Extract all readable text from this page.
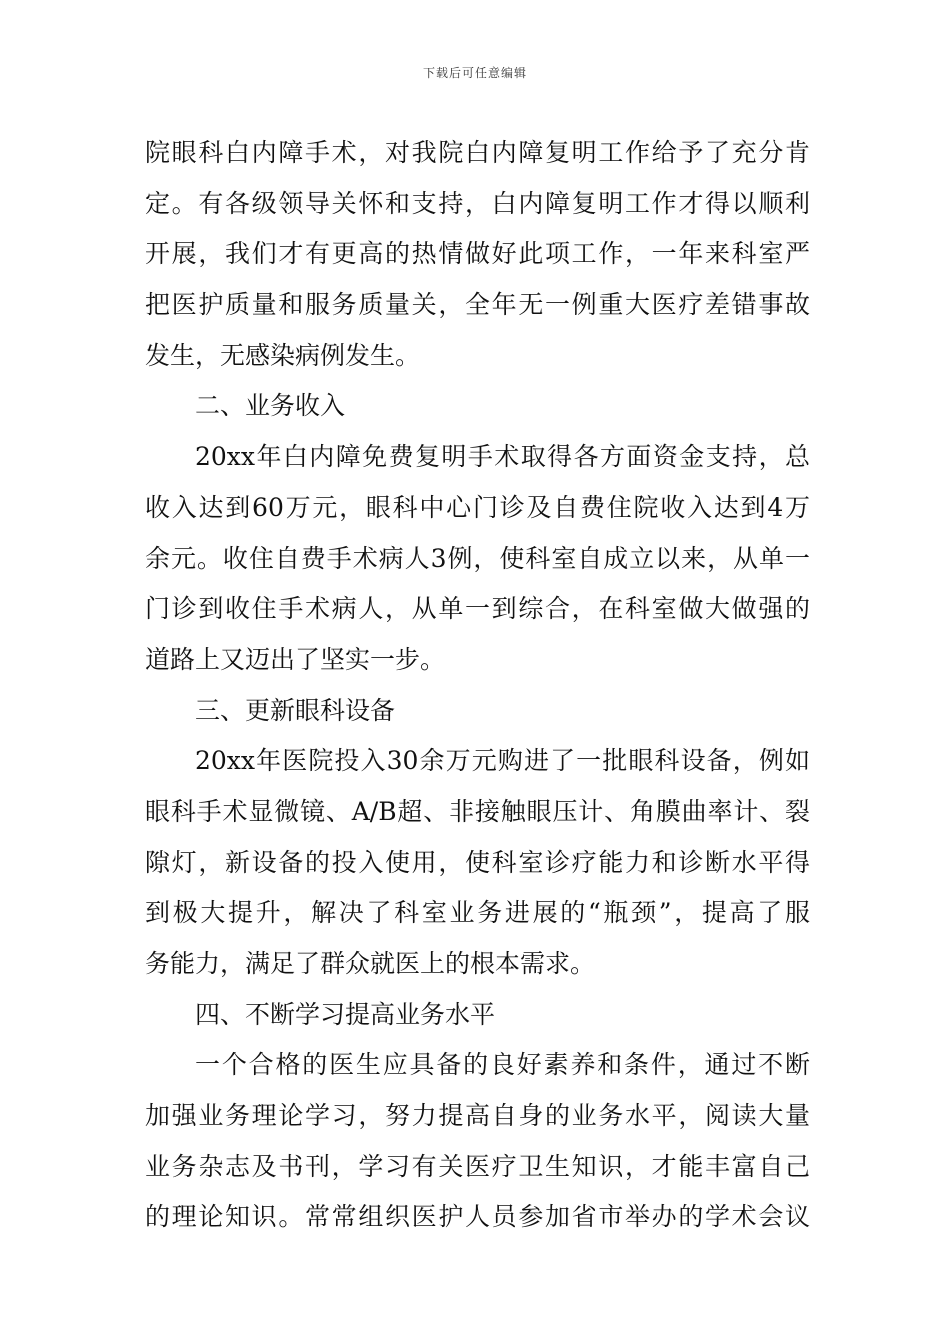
下载后可任意编辑
院眼科白内障手术，对我院白内障复明工作给予了充分肯
定。有各级领导关怀和支持，白内障复明工作才得以顺利
开展，我们才有更高的热情做好此项工作，一年来科室严
把医护质量和服务质量关，全年无一例重大医疗差错事故
发生，无感染病例发生。
二、业务收入
20xx年白内障免费复明手术取得各方面资金支持，总
收入达到60万元，眼科中心门诊及自费住院收入达到4万
余元。收住自费手术病人3例，使科室自成立以来，从单一
门诊到收住手术病人，从单一到综合，在科室做大做强的
道路上又迈出了坚实一步。
三、更新眼科设备
20xx年医院投入30余万元购进了一批眼科设备，例如
眼科手术显微镜、A/B超、非接触眼压计、角膜曲率计、裂
隙灯，新设备的投入使用，使科室诊疗能力和诊断水平得
到极大提升，解决了科室业务进展的“瓶颈”，提高了服
务能力，满足了群众就医上的根本需求。
四、不断学习提高业务水平
一个合格的医生应具备的良好素养和条件，通过不断
加强业务理论学习，努力提高自身的业务水平，阅读大量
业务杂志及书刊，学习有关医疗卫生知识，才能丰富自己
的理论知识。常常组织医护人员参加省市举办的学术会议
